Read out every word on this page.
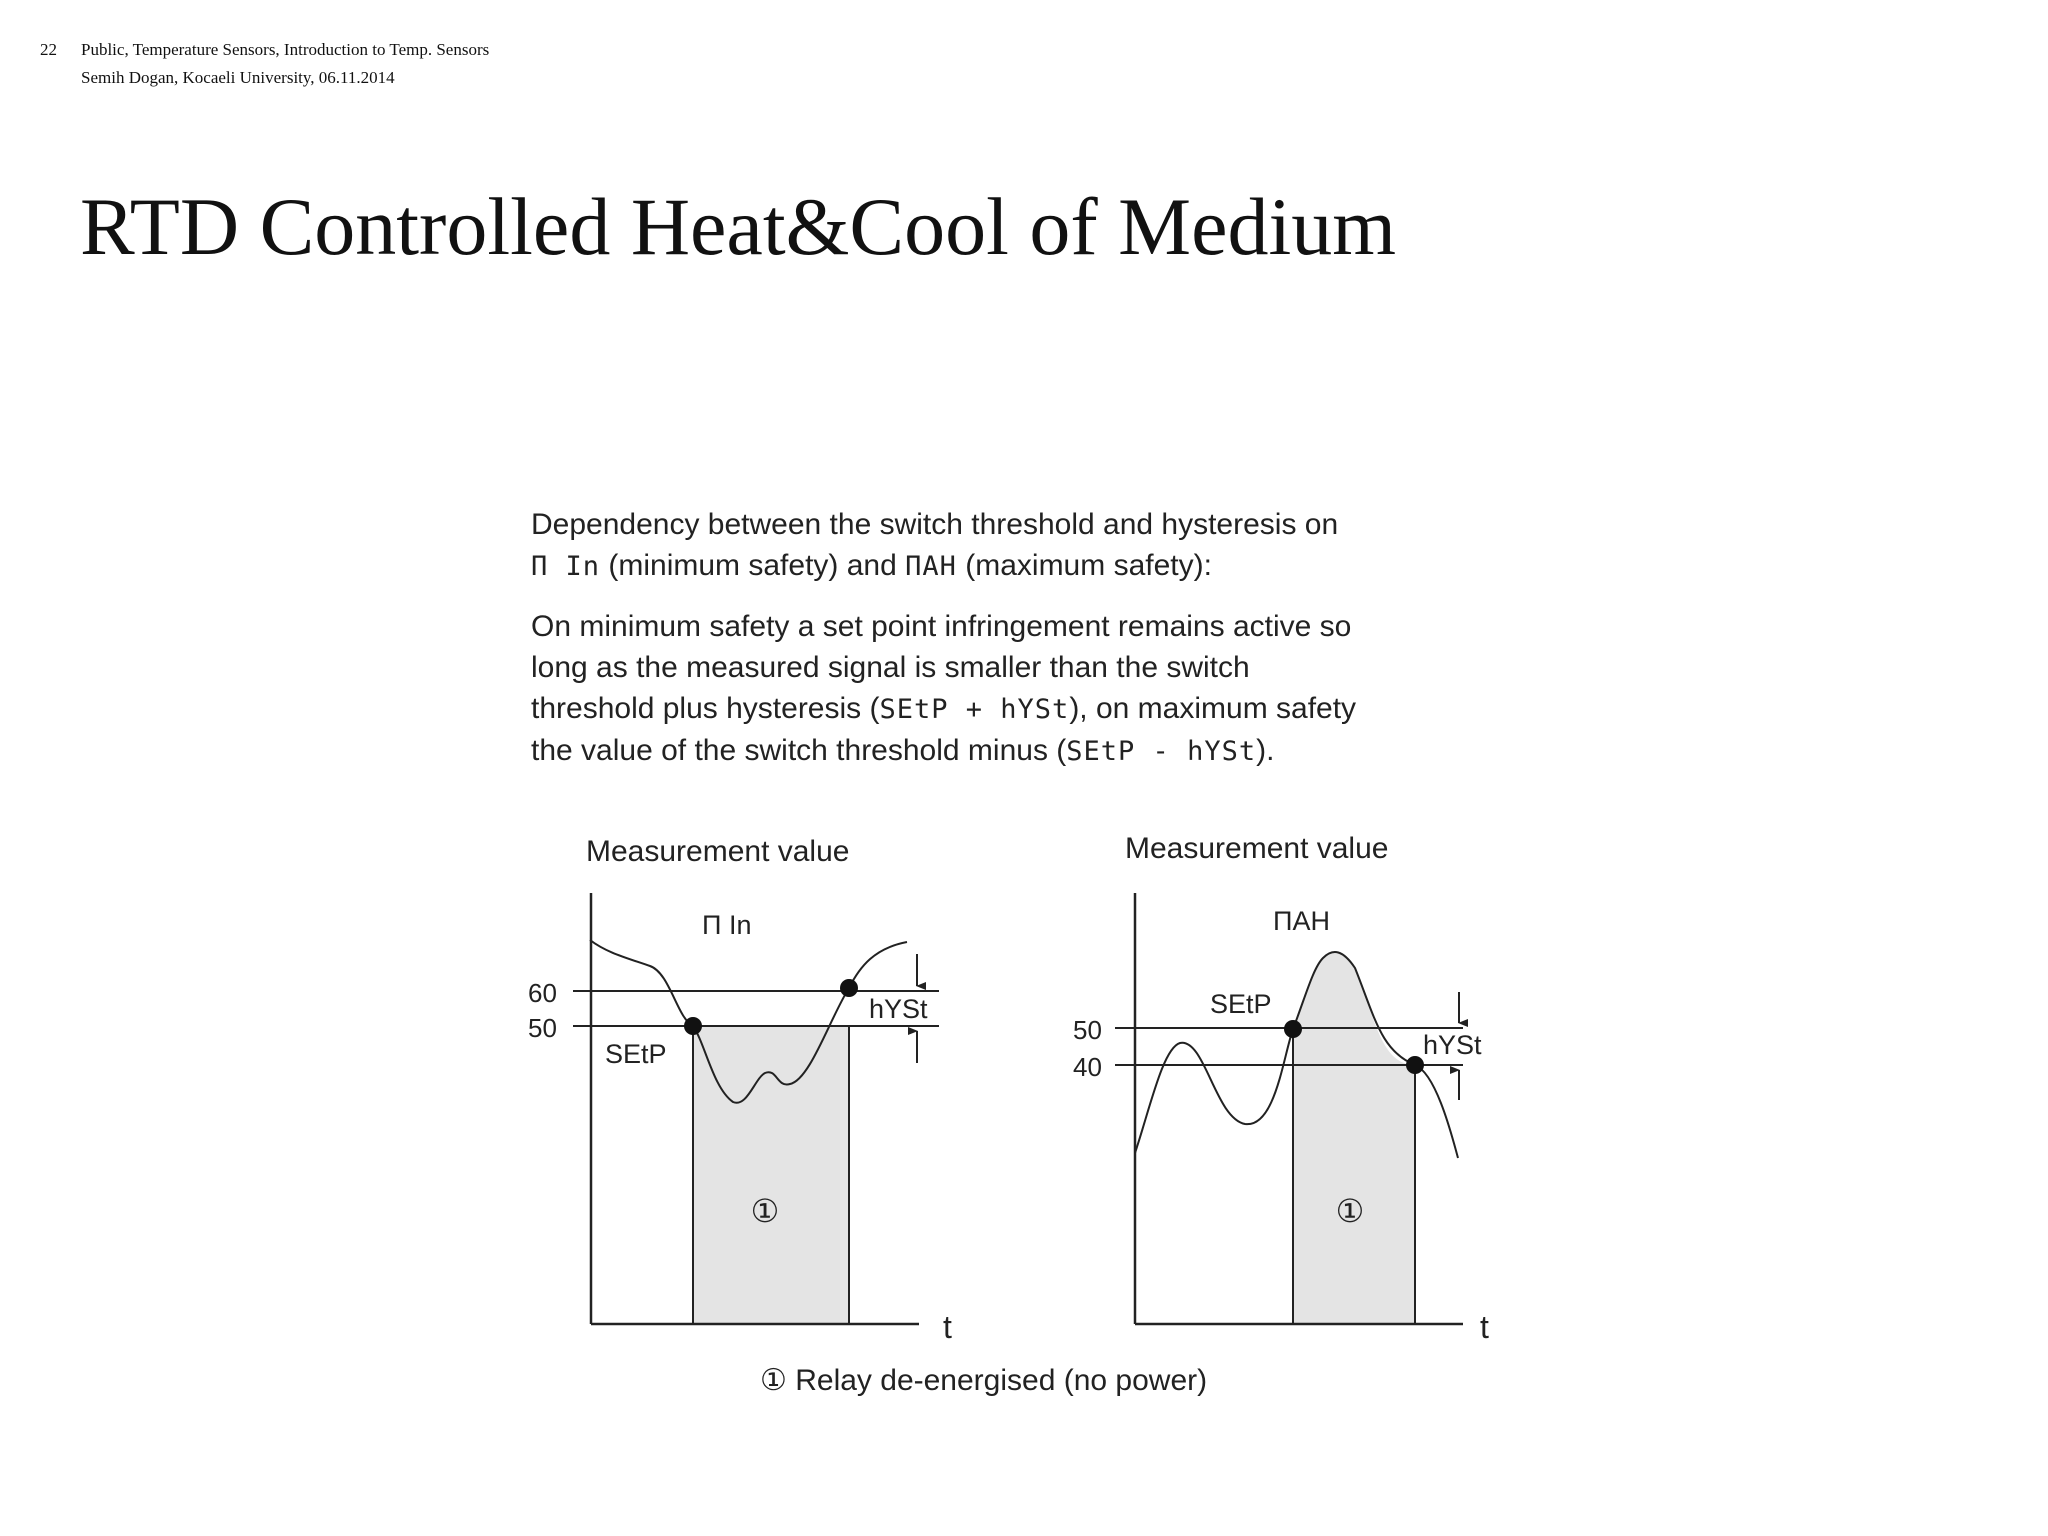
22	Public, Temperature Sensors, Introduction to Temp. Sensors
Semih Dogan, Kocaeli University, 06.11.2014
RTD Controlled Heat&Cool of Medium
Dependency between the switch threshold and hysteresis on
Π In (minimum safety) and ΠAH (maximum safety):
On minimum safety a set point infringement remains active so
long as the measured signal is smaller than the switch
threshold plus hysteresis (SEtP + hYSt), on maximum safety
the value of the switch threshold minus (SEtP - hYSt).
Measurement value
Π In
SEtP
hYSt
60
50
①
t
Measurement value
ΠAH
SEtP
hYSt
50
40
①
t
① Relay de-energised (no power)
